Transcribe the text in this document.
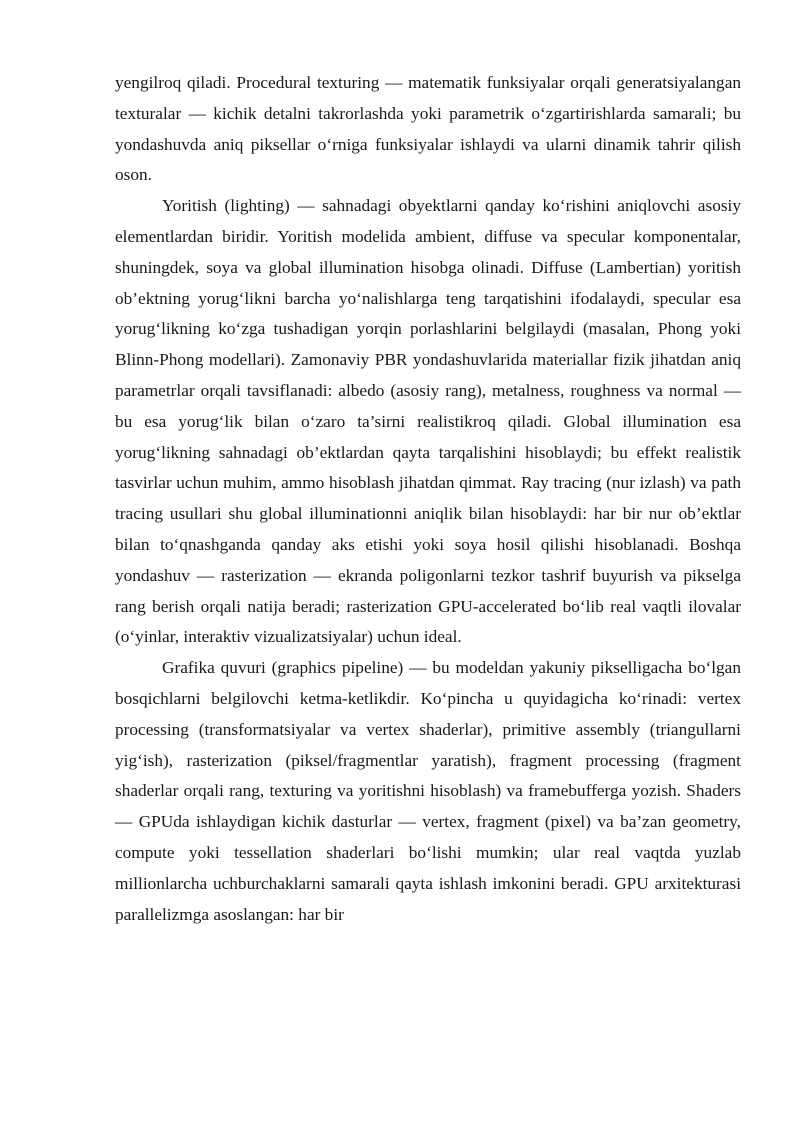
yengilroq qiladi. Procedural texturing — matematik funksiyalar orqali generatsiyalangan texturalar — kichik detalni takrorlashda yoki parametrik o‘zgartirishlarda samarali; bu yondashuvda aniq piksellar o‘rniga funksiyalar ishlaydi va ularni dinamik tahrir qilish oson.

Yoritish (lighting) — sahnadagi obyektlarni qanday ko‘rishini aniqlovchi asosiy elementlardan biridir. Yoritish modelida ambient, diffuse va specular komponentalar, shuningdek, soya va global illumination hisobga olinadi. Diffuse (Lambertian) yoritish ob’ektning yorug‘likni barcha yo‘nalishlarga teng tarqatishini ifodalaydi, specular esa yorug‘likning ko‘zga tushadigan yorqin porlashlarini belgilaydi (masalan, Phong yoki Blinn-Phong modellari). Zamonaviy PBR yondashuvlarida materiallar fizik jihatdan aniq parametrlar orqali tavsiflanadi: albedo (asosiy rang), metalness, roughness va normal — bu esa yorug‘lik bilan o‘zaro ta’sirni realistikroq qiladi. Global illumination esa yorug‘likning sahnadagi ob’ektlardan qayta tarqalishini hisoblaydi; bu effekt realistik tasvirlar uchun muhim, ammo hisoblash jihatdan qimmat. Ray tracing (nur izlash) va path tracing usullari shu global illuminationni aniqlik bilan hisoblaydi: har bir nur ob’ektlar bilan to‘qnashganda qanday aks etishi yoki soya hosil qilishi hisoblanadi. Boshqa yondashuv — rasterization — ekranda poligonlarni tezkor tashrif buyurish va pikselga rang berish orqali natija beradi; rasterization GPU-accelerated bo‘lib real vaqtli ilovalar (o‘yinlar, interaktiv vizualizatsiyalar) uchun ideal.

Grafika quvuri (graphics pipeline) — bu modeldan yakuniy pikselligacha bo‘lgan bosqichlarni belgilovchi ketma-ketlikdir. Ko‘pincha u quyidagicha ko‘rinadi: vertex processing (transformatsiyalar va vertex shaderlar), primitive assembly (triangullarni yig‘ish), rasterization (piksel/fragmentlar yaratish), fragment processing (fragment shaderlar orqali rang, texturing va yoritishni hisoblash) va framebufferga yozish. Shaders — GPUda ishlaydigan kichik dasturlar — vertex, fragment (pixel) va ba’zan geometry, compute yoki tessellation shaderlari bo‘lishi mumkin; ular real vaqtda yuzlab millionlarcha uchburchaklarni samarali qayta ishlash imkonini beradi. GPU arxitekturasi parallelizmga asoslangan: har bir
